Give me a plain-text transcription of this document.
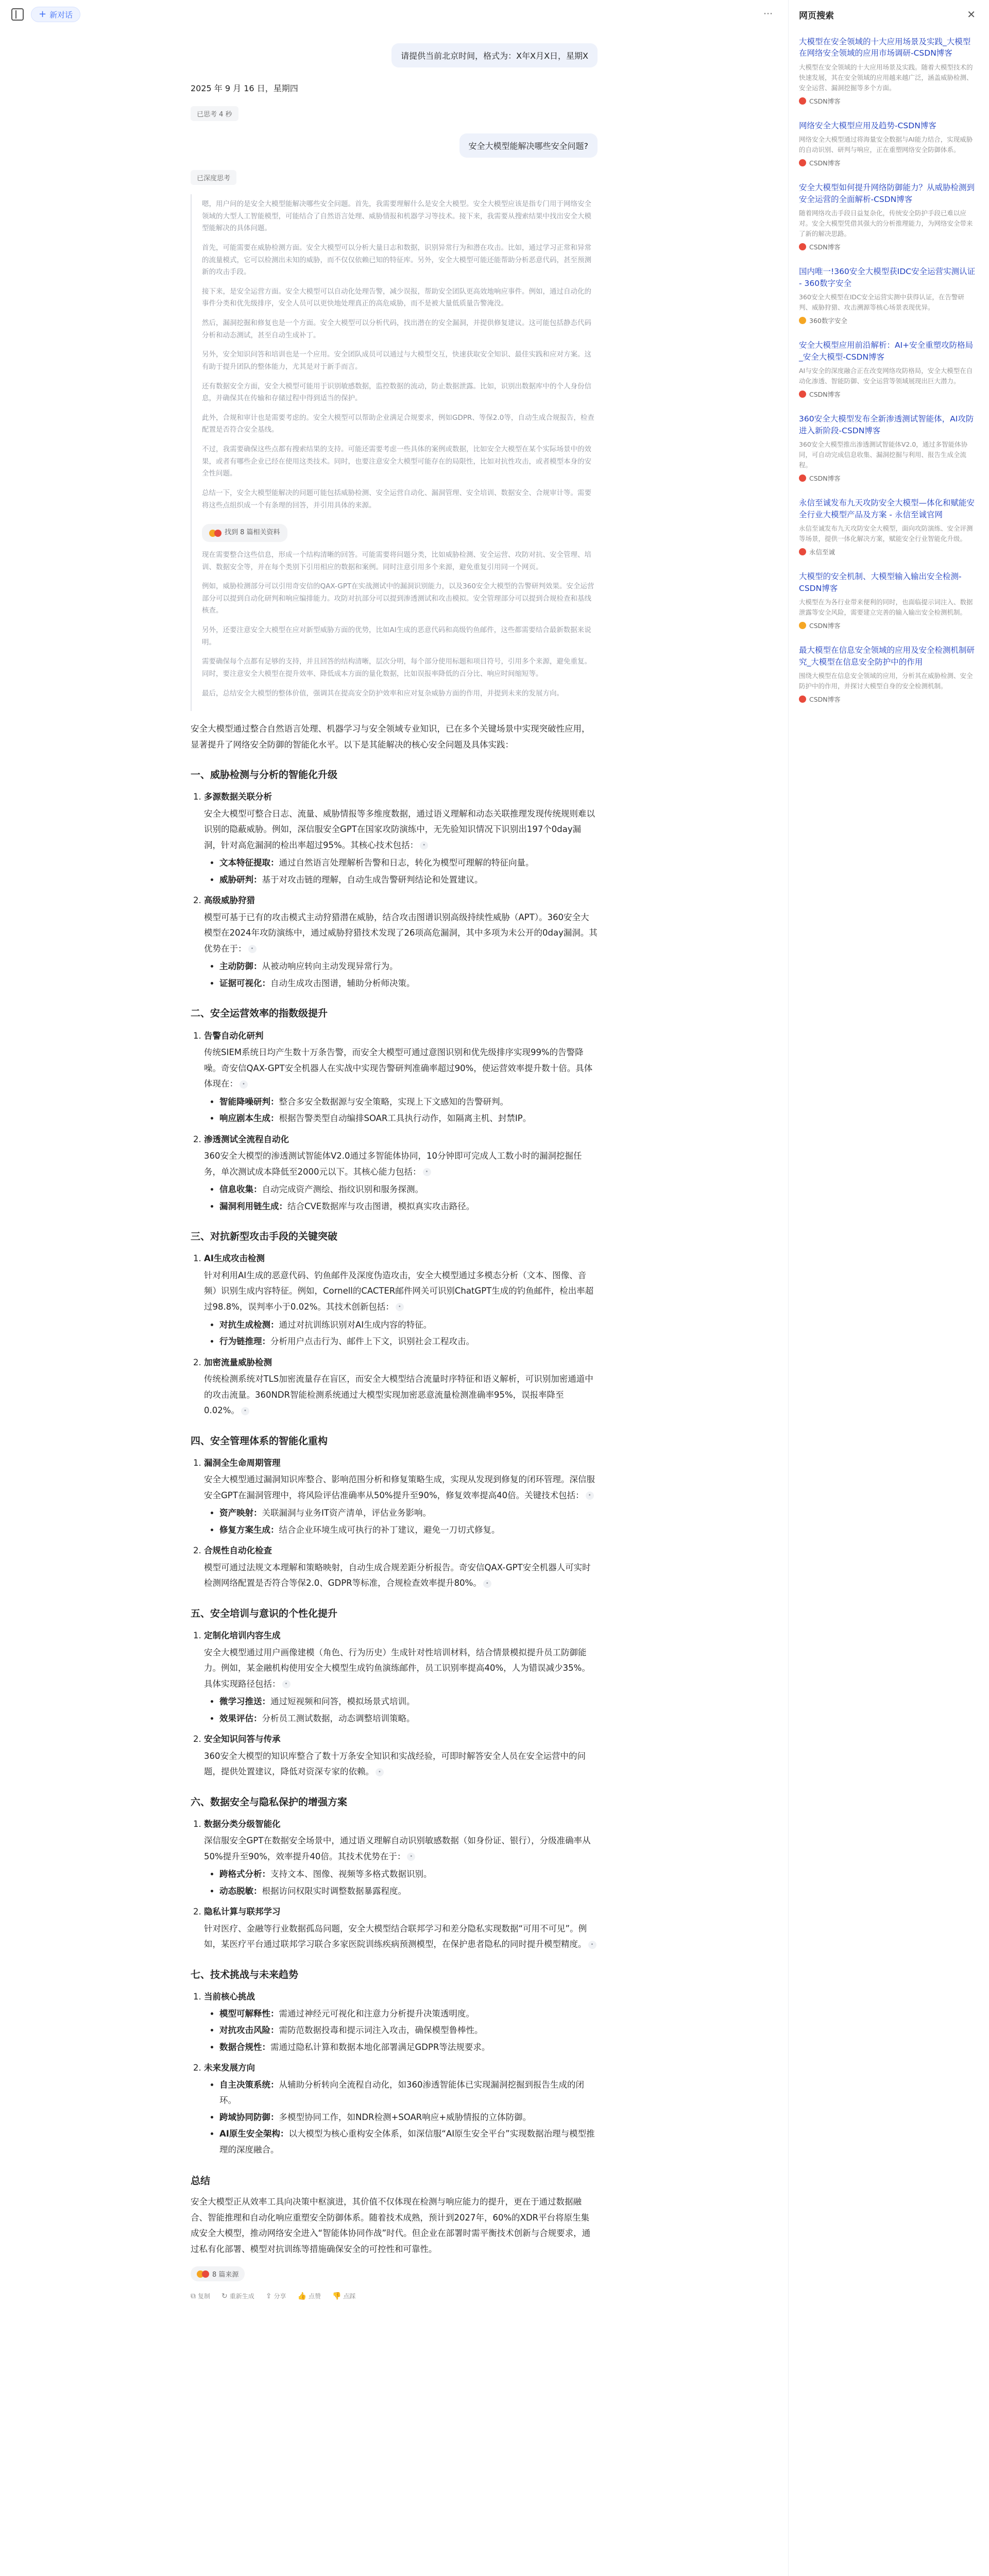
+ 新对话	⋯
请提供当前北京时间，格式为：X年X月X日，星期X
2025 年 9 月 16 日，星期四
已思考 4 秒
安全大模型能解决哪些安全问题?
已深度思考

嗯，用户问的是安全大模型能解决哪些安全问题。首先，我需要理解什么是安全大模型。安全大模型应该是指专门用于网络安全领域的大型人工智能模型，可能结合了自然语言处理、威胁情报和机器学习等技术。接下来，我需要从搜索结果中找出安全大模型能解决的具体问题。

首先，可能需要在威胁检测方面。安全大模型可以分析大量日志和数据，识别异常行为和潜在攻击。比如，通过学习正常和异常的流量模式，它可以检测出未知的威胁，而不仅仅依赖已知的特征库。另外，安全大模型可能还能帮助分析恶意代码，甚至预测新的攻击手段。

接下来，是安全运营方面。安全大模型可以自动化处理告警，减少误报，帮助安全团队更高效地响应事件。例如，通过自动化的事件分类和优先级排序，安全人员可以更快地处理真正的高危威胁，而不是被大量低质量告警淹没。

然后，漏洞挖掘和修复也是一个方面。安全大模型可以分析代码，找出潜在的安全漏洞，并提供修复建议。这可能包括静态代码分析和动态测试，甚至自动生成补丁。

另外，安全知识问答和培训也是一个应用。安全团队成员可以通过与大模型交互，快速获取安全知识、最佳实践和应对方案。这有助于提升团队的整体能力，尤其是对于新手而言。

还有数据安全方面，安全大模型可能用于识别敏感数据，监控数据的流动，防止数据泄露。比如，识别出数据库中的个人身份信息，并确保其在传输和存储过程中得到适当的保护。

此外，合规和审计也是需要考虑的。安全大模型可以帮助企业满足合规要求，例如GDPR、等保2.0等，自动生成合规报告，检查配置是否符合安全基线。

不过，我需要确保这些点都有搜索结果的支持。可能还需要考虑一些具体的案例或数据，比如安全大模型在某个实际场景中的效果，或者有哪些企业已经在使用这类技术。同时，也要注意安全大模型可能存在的局限性，比如对抗性攻击，或者模型本身的安全性问题。

总结一下，安全大模型能解决的问题可能包括威胁检测、安全运营自动化、漏洞管理、安全培训、数据安全、合规审计等。需要将这些点组织成一个有条理的回答，并引用具体的来源。

找到 8 篇相关资料

现在需要整合这些信息，形成一个结构清晰的回答。可能需要将问题分类，比如威胁检测、安全运营、攻防对抗、安全管理、培训、数据安全等，并在每个类别下引用相应的数据和案例。同时注意引用多个来源，避免重复引用同一个网页。

例如，威胁检测部分可以引用奇安信的QAX-GPT在实战测试中的漏洞识别能力，以及360安全大模型的告警研判效果。安全运营部分可以提到自动化研判和响应编排能力。攻防对抗部分可以提到渗透测试和攻击模拟。安全管理部分可以提到合规检查和基线核查。

另外，还要注意安全大模型在应对新型威胁方面的优势，比如AI生成的恶意代码和高级钓鱼邮件，这些都需要结合最新数据来说明。

需要确保每个点都有足够的支持，并且回答的结构清晰，层次分明，每个部分使用标题和项目符号，引用多个来源，避免重复。同时，要注意安全大模型在提升效率、降低成本方面的量化数据，比如误报率降低的百分比、响应时间缩短等。

最后，总结安全大模型的整体价值，强调其在提高安全防护效率和应对复杂威胁方面的作用，并提到未来的发展方向。

安全大模型通过整合自然语言处理、机器学习与安全领域专业知识，已在多个关键场景中实现突破性应用，显著提升了网络安全防御的智能化水平。以下是其能解决的核心安全问题及具体实践：

一、威胁检测与分析的智能化升级
1. 多源数据关联分析

安全大模型可整合日志、流量、威胁情报等多维度数据，通过语义理解和动态关联推理发现传统规则难以识别的隐蔽威胁。例如，深信服安全GPT在国家攻防演练中，无先验知识情况下识别出197个0day漏洞，针对高危漏洞的检出率超过95%。其核心技术包括： •

• 文本特征提取：通过自然语言处理解析告警和日志，转化为模型可理解的特征向量。
• 威胁研判：基于对攻击链的理解，自动生成告警研判结论和处置建议。
2. 高级威胁狩猎

模型可基于已有的攻击模式主动狩猎潜在威胁，结合攻击图谱识别高级持续性威胁（APT）。360安全大模型在2024年攻防演练中，通过威胁狩猎技术发现了26项高危漏洞，其中多项为未公开的0day漏洞。其优势在于： •

• 主动防御：从被动响应转向主动发现异常行为。
• 证据可视化：自动生成攻击图谱，辅助分析师决策。
二、安全运营效率的指数级提升
1. 告警自动化研判

传统SIEM系统日均产生数十万条告警，而安全大模型可通过意图识别和优先级排序实现99%的告警降噪。奇安信QAX-GPT安全机器人在实战中实现告警研判准确率超过90%，使运营效率提升数十倍。具体体现在： •

• 智能降噪研判：整合多安全数据源与安全策略，实现上下文感知的告警研判。
• 响应剧本生成：根据告警类型自动编排SOAR工具执行动作，如隔离主机、封禁IP。
2. 渗透测试全流程自动化

360安全大模型的渗透测试智能体V2.0通过多智能体协同，10分钟即可完成人工数小时的漏洞挖掘任务，单次测试成本降低至2000元以下。其核心能力包括： •

• 信息收集：自动完成资产测绘、指纹识别和服务探测。
• 漏洞利用链生成：结合CVE数据库与攻击图谱，模拟真实攻击路径。
三、对抗新型攻击手段的关键突破
1. AI生成攻击检测

针对利用AI生成的恶意代码、钓鱼邮件及深度伪造攻击，安全大模型通过多模态分析（文本、图像、音频）识别生成内容特征。例如，Cornell的CACTER邮件网关可识别ChatGPT生成的钓鱼邮件，检出率超过98.8%，误判率小于0.02%。其技术创新包括： •

• 对抗生成检测：通过对抗训练识别对AI生成内容的特征。
• 行为链推理：分析用户点击行为、邮件上下文，识别社会工程攻击。
2. 加密流量威胁检测

传统检测系统对TLS加密流量存在盲区，而安全大模型结合流量时序特征和语义解析，可识别加密通道中的攻击流量。360NDR智能检测系统通过大模型实现加密恶意流量检测准确率95%，误报率降至0.02%。 •

四、安全管理体系的智能化重构
1. 漏洞全生命周期管理

安全大模型通过漏洞知识库整合、影响范围分析和修复策略生成，实现从发现到修复的闭环管理。深信服安全GPT在漏洞管理中，将风险评估准确率从50%提升至90%，修复效率提高40倍。关键技术包括： •

• 资产映射：关联漏洞与业务IT资产清单，评估业务影响。
• 修复方案生成：结合企业环境生成可执行的补丁建议，避免一刀切式修复。
2. 合规性自动化检查

模型可通过法规文本理解和策略映射，自动生成合规差距分析报告。奇安信QAX-GPT安全机器人可实时检测网络配置是否符合等保2.0、GDPR等标准，合规检查效率提升80%。 •

五、安全培训与意识的个性化提升
1. 定制化培训内容生成

安全大模型通过用户画像建模（角色、行为历史）生成针对性培训材料，结合情景模拟提升员工防御能力。例如，某金融机构使用安全大模型生成钓鱼演练邮件，员工识别率提高40%，人为错误减少35%。具体实现路径包括： •

• 微学习推送：通过短视频和问答，模拟场景式培训。
• 效果评估：分析员工测试数据，动态调整培训策略。
2. 安全知识问答与传承

360安全大模型的知识库整合了数十万条安全知识和实战经验，可即时解答安全人员在安全运营中的问题，提供处置建议，降低对资深专家的依赖。 •

六、数据安全与隐私保护的增强方案
1. 数据分类分级智能化

深信服安全GPT在数据安全场景中，通过语义理解自动识别敏感数据（如身份证、银行），分级准确率从50%提升至90%，效率提升40倍。其技术优势在于： •

• 跨格式分析：支持文本、图像、视频等多格式数据识别。
• 动态脱敏：根据访问权限实时调整数据暴露程度。
2. 隐私计算与联邦学习

针对医疗、金融等行业数据孤岛问题，安全大模型结合联邦学习和差分隐私实现数据“可用不可见”。例如，某医疗平台通过联邦学习联合多家医院训练疾病预测模型，在保护患者隐私的同时提升模型精度。 •

七、技术挑战与未来趋势
1. 当前核心挑战
• 模型可解释性：需通过神经元可视化和注意力分析提升决策透明度。
• 对抗攻击风险：需防范数据投毒和提示词注入攻击，确保模型鲁棒性。
• 数据合规性：需通过隐私计算和数据本地化部署满足GDPR等法规要求。
2. 未来发展方向
• 自主决策系统：从辅助分析转向全流程自动化，如360渗透智能体已实现漏洞挖掘到报告生成的闭环。
• 跨域协同防御：多模型协同工作，如NDR检测+SOAR响应+威胁情报的立体防御。
• AI原生安全架构：以大模型为核心重构安全体系，如深信服“AI原生安全平台”实现数据治理与模型推理的深度融合。
总结

安全大模型正从效率工具向决策中枢演进，其价值不仅体现在检测与响应能力的提升，更在于通过数据融合、智能推理和自动化响应重塑安全防御体系。随着技术成熟，预计到2027年，60%的XDR平台将原生集成安全大模型，推动网络安全进入“智能体协同作战”时代。但企业在部署时需平衡技术创新与合规要求，通过私有化部署、模型对抗训练等措施确保安全的可控性和可靠性。

8 篇来源
⧉ 复制 ↻ 重新生成 ⇪ 分享 👍 点赞 👎 点踩
网页搜索	✕
大模型在安全领域的十大应用场景及实践_大模型在网络安全领域的应用市场调研-CSDN博客
大模型在安全领域的十大应用场景及实践。随着大模型技术的快速发展，其在安全领域的应用越来越广泛，涵盖威胁检测、安全运营、漏洞挖掘等多个方面。
CSDN博客
网络安全大模型应用及趋势-CSDN博客
网络安全大模型通过将海量安全数据与AI能力结合，实现威胁的自动识别、研判与响应，正在重塑网络安全防御体系。
CSDN博客
安全大模型如何提升网络防御能力？从威胁检测到安全运营的全面解析-CSDN博客
随着网络攻击手段日益复杂化，传统安全防护手段已难以应对。安全大模型凭借其强大的分析推理能力，为网络安全带来了新的解决思路。
CSDN博客
国内唯一!360安全大模型获IDC安全运营实测认证 - 360数字安全
360安全大模型在IDC安全运营实测中获得认证，在告警研判、威胁狩猎、攻击溯源等核心场景表现优异。
360数字安全
安全大模型应用前沿解析：AI+安全重塑攻防格局_安全大模型-CSDN博客
AI与安全的深度融合正在改变网络攻防格局，安全大模型在自动化渗透、智能防御、安全运营等领域展现出巨大潜力。
CSDN博客
360安全大模型发布全新渗透测试智能体，AI攻防进入新阶段-CSDN博客
360安全大模型推出渗透测试智能体V2.0，通过多智能体协同，可自动完成信息收集、漏洞挖掘与利用、报告生成全流程。
CSDN博客
永信至诚发布九天攻防安全大模型—体化和赋能安全行业大模型产品及方案 - 永信至诚官网
永信至诚发布九天攻防安全大模型，面向攻防演练、安全评测等场景，提供一体化解决方案，赋能安全行业智能化升级。
永信至诚
大模型的安全机制、大模型输入输出安全检测-CSDN博客
大模型在为各行业带来便利的同时，也面临提示词注入、数据泄露等安全风险，需要建立完善的输入输出安全检测机制。
CSDN博客
最大模型在信息安全领域的应用及安全检测机制研究_大模型在信息安全防护中的作用
围绕大模型在信息安全领域的应用，分析其在威胁检测、安全防护中的作用，并探讨大模型自身的安全检测机制。
CSDN博客
